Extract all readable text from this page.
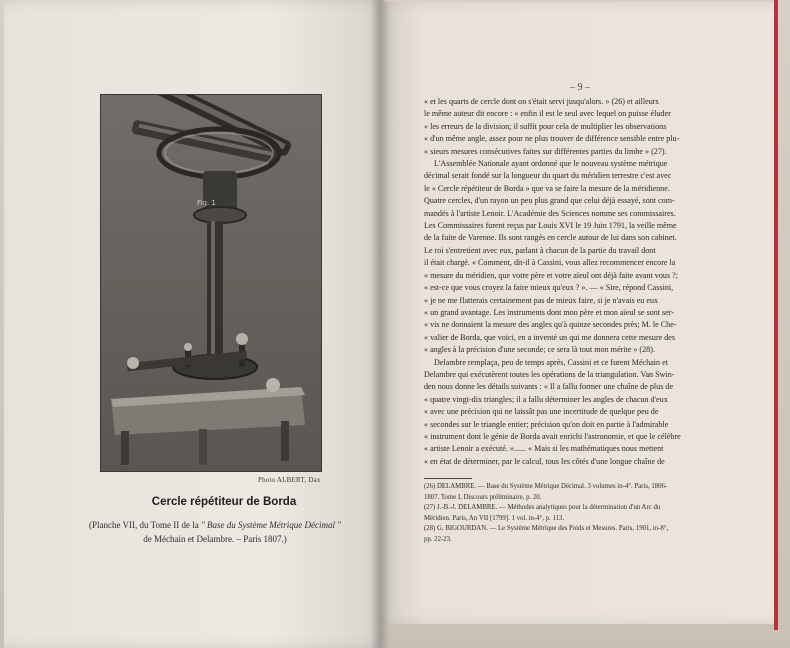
Fig. 1
Photo ALBERT, Dax
Cercle répétiteur de Borda
(Planche VII, du Tome II de la " Base du Système Métrique Décimal "
de Méchain et Delambre. – Paris 1807.)
– 9 –
« et les quarts de cercle dont on s'était servi jusqu'alors. » (26) et ailleurs
le même auteur dit encore : « enfin il est le seul avec lequel on puisse éluder
« les erreurs de la division; il suffit pour cela de multiplier les observations
« d'un même angle, assez pour ne plus trouver de différence sensible entre plu-
« sieurs mesures consécutives faites sur différentes parties du limbe » (27).
L'Assemblée Nationale ayant ordonné que le nouveau système métrique
décimal serait fondé sur la longueur du quart du méridien terrestre c'est avec
le « Cercle répétiteur de Borda » que va se faire la mesure de la méridienne.
Quatre cercles, d'un rayon un peu plus grand que celui déjà essayé, sont com-
mandés à l'artiste Lenoir. L'Académie des Sciences nomme ses commissaires.
Les Commissaires furent reçus par Louis XVI le 19 Juin 1791, la veille même
de la fuite de Varenne. Ils sont rangés en cercle autour de lui dans son cabinet.
Le roi s'entretient avec eux, parlant à chacun de la partie du travail dont
il était chargé. « Comment, dit-il à Cassini, vous allez recommencer encore la
« mesure du méridien, que votre père et votre aïeul ont déjà faite avant vous ?;
« est-ce que vous croyez la faire mieux qu'eux ? ». — « Sire, répond Cassini,
« je ne me flatterais certainement pas de mieux faire, si je n'avais eu eux
« un grand avantage. Les instruments dont mon père et mon aïeul se sont ser-
« vis ne donnaient la mesure des angles qu'à quinze secondes près; M. le Che-
« valier de Borda, que voici, en a inventé un qui me donnera cette mesure des
« angles à la précision d'une seconde; ce sera là tout mon mérite » (28).
Delambre remplaça, peu de temps après, Cassini et ce furent Méchain et
Delambre qui exécutèrent toutes les opérations de la triangulation. Van Swin-
den nous donne les détails suivants : « Il a fallu former une chaîne de plus de
« quatre vingt-dix triangles; il a fallu déterminer les angles de chacun d'eux
« avec une précision qui ne laissât pas une incertitude de quelque peu de
« secondes sur le triangle entier; précision qu'on doit en partie à l'admirable
« instrument dont le génie de Borda avait enrichi l'astronomie, et que le célèbre
« artiste Lenoir a exécuté. »...... « Mais si les mathématiques nous mettent
« en état de déterminer, par le calcul, tous les côtés d'une longue chaîne de
(26) DELAMBRE. — Base du Système Métrique Décimal. 3 volumes in-4°. Paris, 1806-
1807. Tome I, Discours préliminaire, p. 20.
(27) J.-B.-J. DELAMBRE. — Méthodes analytiques pour la détermination d'un Arc du
Méridien. Paris, An VII [1799]. 1 vol. in-4°, p. 113.
(28) G. BIGOURDAN. — Le Système Métrique des Poids et Mesures. Paris, 1901, in-8°,
pp. 22-23.
